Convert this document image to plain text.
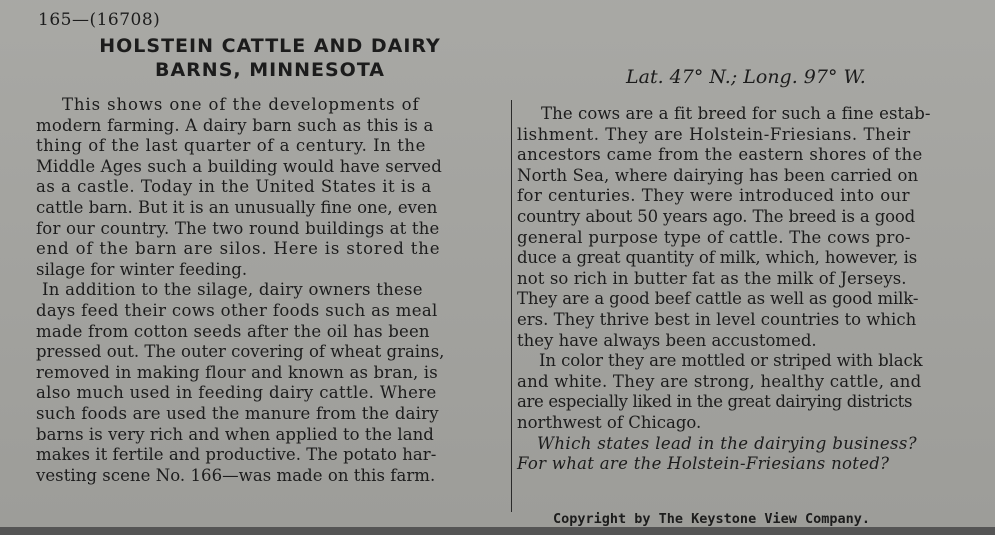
165—(16708)
HOLSTEIN CATTLE AND DAIRY
BARNS, MINNESOTA	Lat. 47° N.; Long. 97° W.
This shows one of the developments of
modern farming. A dairy barn such as this is a
thing of the last quarter of a century. In the
Middle Ages such a building would have served
as a castle. Today in the United States it is a
cattle barn. But it is an unusually fine one, even
for our country. The two round buildings at the
end of the barn are silos. Here is stored the
silage for winter feeding.
In addition to the silage, dairy owners these
days feed their cows other foods such as meal
made from cotton seeds after the oil has been
pressed out. The outer covering of wheat grains,
removed in making flour and known as bran, is
also much used in feeding dairy cattle. Where
such foods are used the manure from the dairy
barns is very rich and when applied to the land
makes it fertile and productive. The potato har-
vesting scene No. 166—was made on this farm.
The cows are a fit breed for such a fine estab-
lishment. They are Holstein-Friesians. Their
ancestors came from the eastern shores of the
North Sea, where dairying has been carried on
for centuries. They were introduced into our
country about 50 years ago. The breed is a good
general purpose type of cattle. The cows pro-
duce a great quantity of milk, which, however, is
not so rich in butter fat as the milk of Jerseys.
They are a good beef cattle as well as good milk-
ers. They thrive best in level countries to which
they have always been accustomed.
In color they are mottled or striped with black
and white. They are strong, healthy cattle, and
are especially liked in the great dairying districts
northwest of Chicago.
Which states lead in the dairying business?
For what are the Holstein-Friesians noted?
Copyright by The Keystone View Company.
